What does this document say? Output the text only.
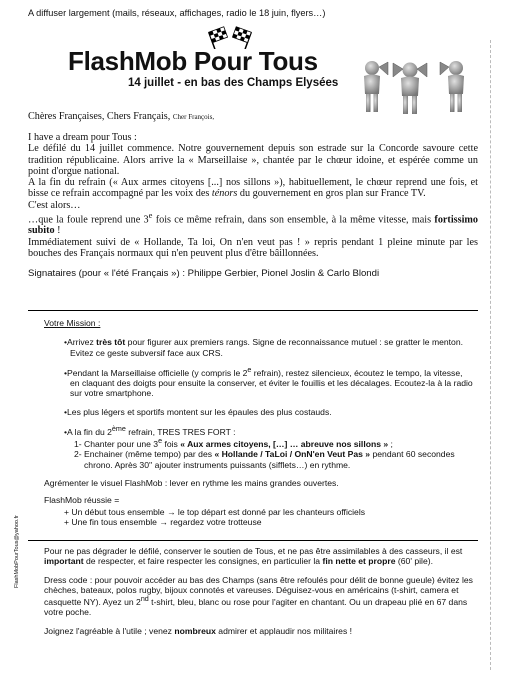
A diffuser largement (mails, réseaux, affichages, radio le 18 juin, flyers…)
FlashMob Pour Tous
14 juillet - en bas des Champs Elysées

Chères Françaises, Chers Français, Cher François,

I have a dream pour Tous :

Le défilé du 14 juillet commence. Notre gouvernement depuis son estrade sur la Concorde savoure cette tradition républicaine. Alors arrive la « Marseillaise », chantée par le chœur idoine, et espérée comme un point d'orgue national.

A la fin du refrain (« Aux armes citoyens [...] nos sillons »), habituellement, le chœur reprend une fois, et bisse ce refrain accompagné par les voix des ténors du gouvernement en gros plan sur France TV.

C'est alors…

…que la foule reprend une 3e fois ce même refrain, dans son ensemble, à la même vitesse, mais fortissimo subito !

Immédiatement suivi de « Hollande, Ta loi, On n'en veut pas ! » repris pendant 1 pleine minute par les bouches des Français normaux qui n'en peuvent plus d'être bâillonnées.

Signataires (pour « l'été Français ») : Philippe Gerbier, Pionel Joslin & Carlo Blondi

Votre Mission :

•Arrivez très tôt pour figurer aux premiers rangs. Signe de reconnaissance mutuel : se gratter le menton. Evitez ce geste subversif face aux CRS.

•Pendant la Marseillaise officielle (y compris le 2e refrain), restez silencieux, écoutez le tempo, la vitesse, en claquant des doigts pour ensuite la conserver, et éviter le fouillis et les décalages. Ecoutez-la à la radio sur votre smartphone.

•Les plus légers et sportifs montent sur les épaules des plus costauds.

•A la fin du 2ème refrain, TRES TRES FORT :

1- Chanter pour une 3e fois « Aux armes citoyens, […] … abreuve nos sillons » ;

2- Enchainer (même tempo) par des « Hollande / TaLoi / OnN'en Veut Pas » pendant 60 secondes chrono. Après 30'' ajouter instruments puissants (sifflets…) en rythme.

Agrémenter le visuel FlashMob : lever en rythme les mains grandes ouvertes.

FlashMob réussie =

+ Un début tous ensemble → le top départ est donné par les chanteurs officiels

+ Une fin tous ensemble → regardez votre trotteuse

Pour ne pas dégrader le défilé, conserver le soutien de Tous, et ne pas être assimilables à des casseurs, il est important de respecter, et faire respecter les consignes, en particulier la fin nette et propre (60' pile).

Dress code : pour pouvoir accéder au bas des Champs (sans être refoulés pour délit de bonne gueule) évitez les chèches, bateaux, polos rugby, bijoux connotés et vareuses. Déguisez-vous en américains (t-shirt, camera et casquette NY). Ayez un 2nd t-shirt, bleu, blanc ou rose pour l'agiter en chantant. Ou un drapeau plié en 67 dans votre poche.

Joignez l'agréable à l'utile ; venez nombreux admirer et applaudir nos militaires !

FlashMobPourTous@yahoo.fr
